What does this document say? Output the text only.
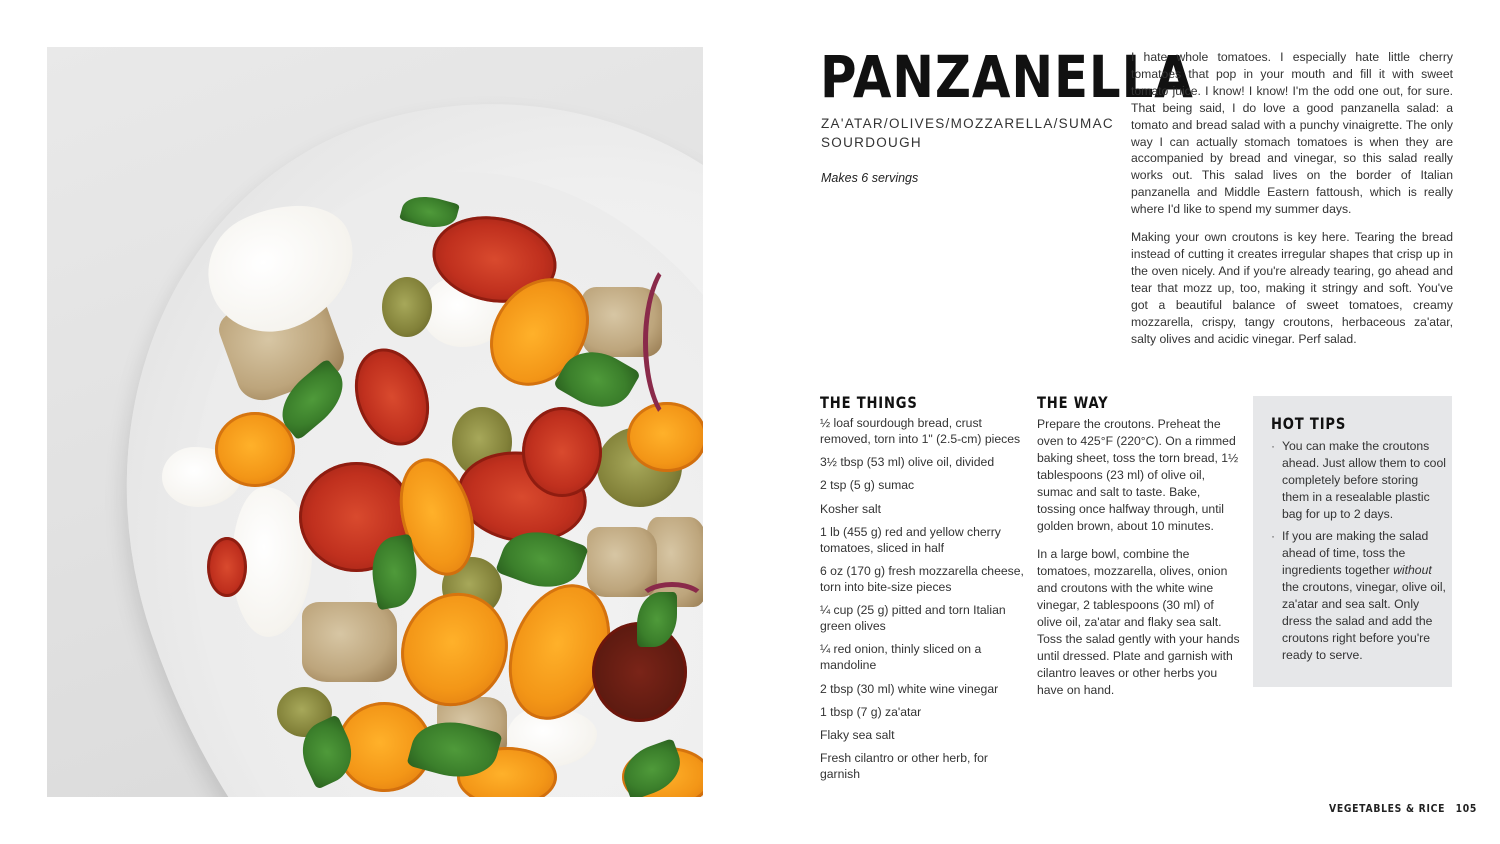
PANZANELLA
ZA'ATAR/OLIVES/MOZZARELLA/SUMAC
SOURDOUGH
Makes 6 servings

I hate whole tomatoes. I especially hate little cherry tomatoes that pop in your mouth and fill it with sweet tomato juice. I know! I know! I'm the odd one out, for sure. That being said, I do love a good panzanella salad: a tomato and bread salad with a punchy vinaigrette. The only way I can actually stomach tomatoes is when they are accompanied by bread and vinegar, so this salad really works out. This salad lives on the border of Italian panzanella and Middle Eastern fattoush, which is really where I'd like to spend my summer days.

Making your own croutons is key here. Tearing the bread instead of cutting it creates irregular shapes that crisp up in the oven nicely. And if you're already tearing, go ahead and tear that mozz up, too, making it stringy and soft. You've got a beautiful balance of sweet tomatoes, creamy mozzarella, crispy, tangy croutons, herbaceous za'atar, salty olives and acidic vinegar. Perf salad.

THE THINGS
½ loaf sourdough bread, crust removed, torn into 1" (2.5-cm) pieces
3½ tbsp (53 ml) olive oil, divided
2 tsp (5 g) sumac
Kosher salt
1 lb (455 g) red and yellow cherry tomatoes, sliced in half
6 oz (170 g) fresh mozzarella cheese, torn into bite-size pieces
¼ cup (25 g) pitted and torn Italian green olives
¼ red onion, thinly sliced on a mandoline
2 tbsp (30 ml) white wine vinegar
1 tbsp (7 g) za'atar
Flaky sea salt
Fresh cilantro or other herb, for garnish
THE WAY

Prepare the croutons. Preheat the oven to 425°F (220°C). On a rimmed baking sheet, toss the torn bread, 1½ tablespoons (23 ml) of olive oil, sumac and salt to taste. Bake, tossing once halfway through, until golden brown, about 10 minutes.

In a large bowl, combine the tomatoes, mozzarella, olives, onion and croutons with the white wine vinegar, 2 tablespoons (30 ml) of olive oil, za'atar and flaky sea salt. Toss the salad gently with your hands until dressed. Plate and garnish with cilantro leaves or other herbs you have on hand.

HOT TIPS
· You can make the croutons ahead. Just allow them to cool completely before storing them in a resealable plastic bag for up to 2 days.
· If you are making the salad ahead of time, toss the ingredients together without the croutons, vinegar, olive oil, za'atar and sea salt. Only dress the salad and add the croutons right before you're ready to serve.
VEGETABLES & RICE 105
